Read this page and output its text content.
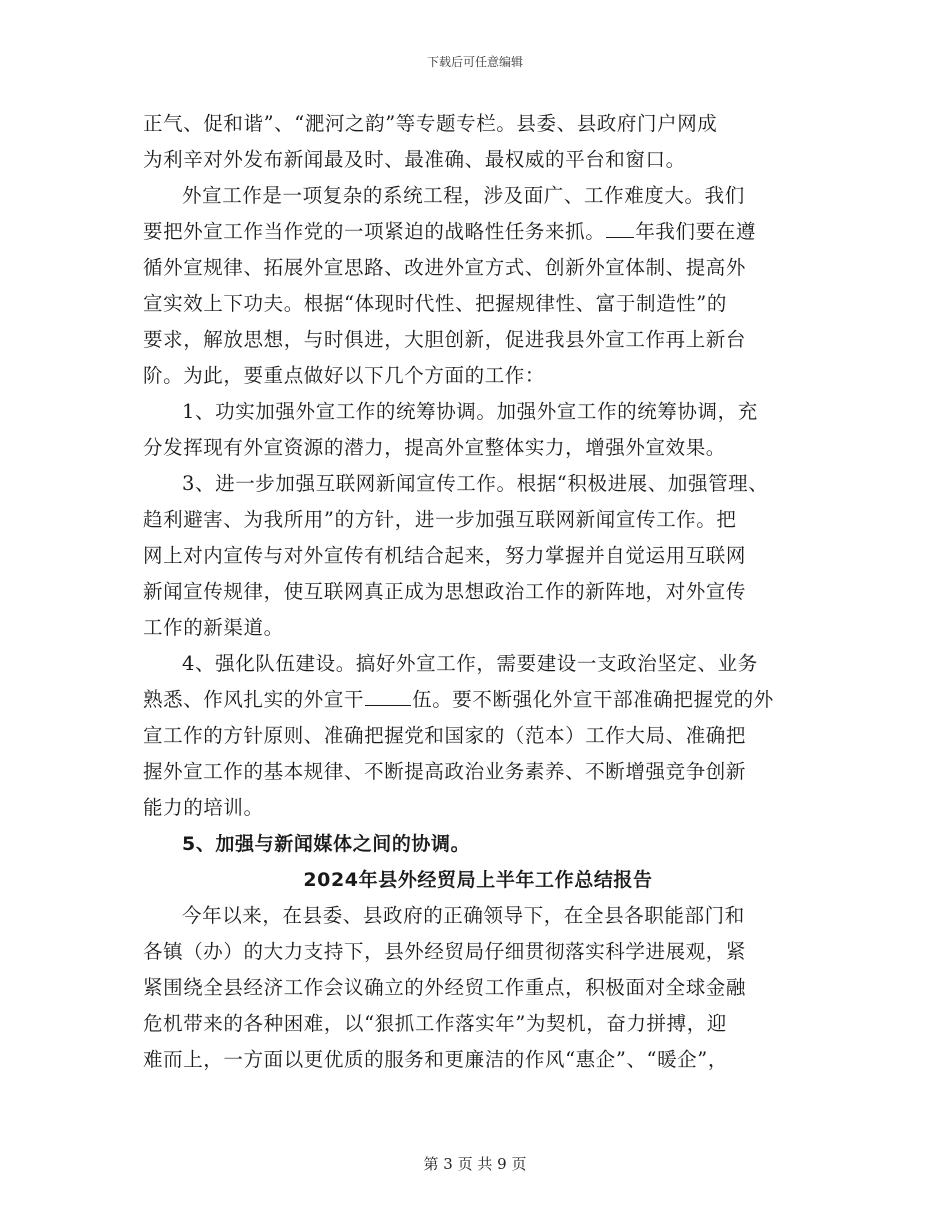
下载后可任意编辑
正气、促和谐”、“淝河之韵”等专题专栏。县委、县政府门户网成
为利辛对外发布新闻最及时、最准确、最权威的平台和窗口。
外宣工作是一项复杂的系统工程，涉及面广、工作难度大。我们
要把外宣工作当作党的一项紧迫的战略性任务来抓。 年我们要在遵
循外宣规律、拓展外宣思路、改进外宣方式、创新外宣体制、提高外
宣实效上下功夫。根据“体现时代性、把握规律性、富于制造性”的
要求，解放思想，与时俱进，大胆创新，促进我县外宣工作再上新台
阶。为此，要重点做好以下几个方面的工作：
1、功实加强外宣工作的统筹协调。加强外宣工作的统筹协调，充
分发挥现有外宣资源的潜力，提高外宣整体实力，增强外宣效果。
3、进一步加强互联网新闻宣传工作。根据“积极进展、加强管理、
趋利避害、为我所用”的方针，进一步加强互联网新闻宣传工作。把
网上对内宣传与对外宣传有机结合起来，努力掌握并自觉运用互联网
新闻宣传规律，使互联网真正成为思想政治工作的新阵地，对外宣传
工作的新渠道。
4、强化队伍建设。搞好外宣工作，需要建设一支政治坚定、业务
熟悉、作风扎实的外宣干 伍。要不断强化外宣干部准确把握党的外
宣工作的方针原则、准确把握党和国家的（范本）工作大局、准确把
握外宣工作的基本规律、不断提高政治业务素养、不断增强竞争创新
能力的培训。
5、加强与新闻媒体之间的协调。
2024年县外经贸局上半年工作总结报告
今年以来，在县委、县政府的正确领导下，在全县各职能部门和
各镇（办）的大力支持下，县外经贸局仔细贯彻落实科学进展观，紧
紧围绕全县经济工作会议确立的外经贸工作重点，积极面对全球金融
危机带来的各种困难，以“狠抓工作落实年”为契机，奋力拼搏，迎
难而上，一方面以更优质的服务和更廉洁的作风“惠企”、“暖企”，
第 3 页 共 9 页
